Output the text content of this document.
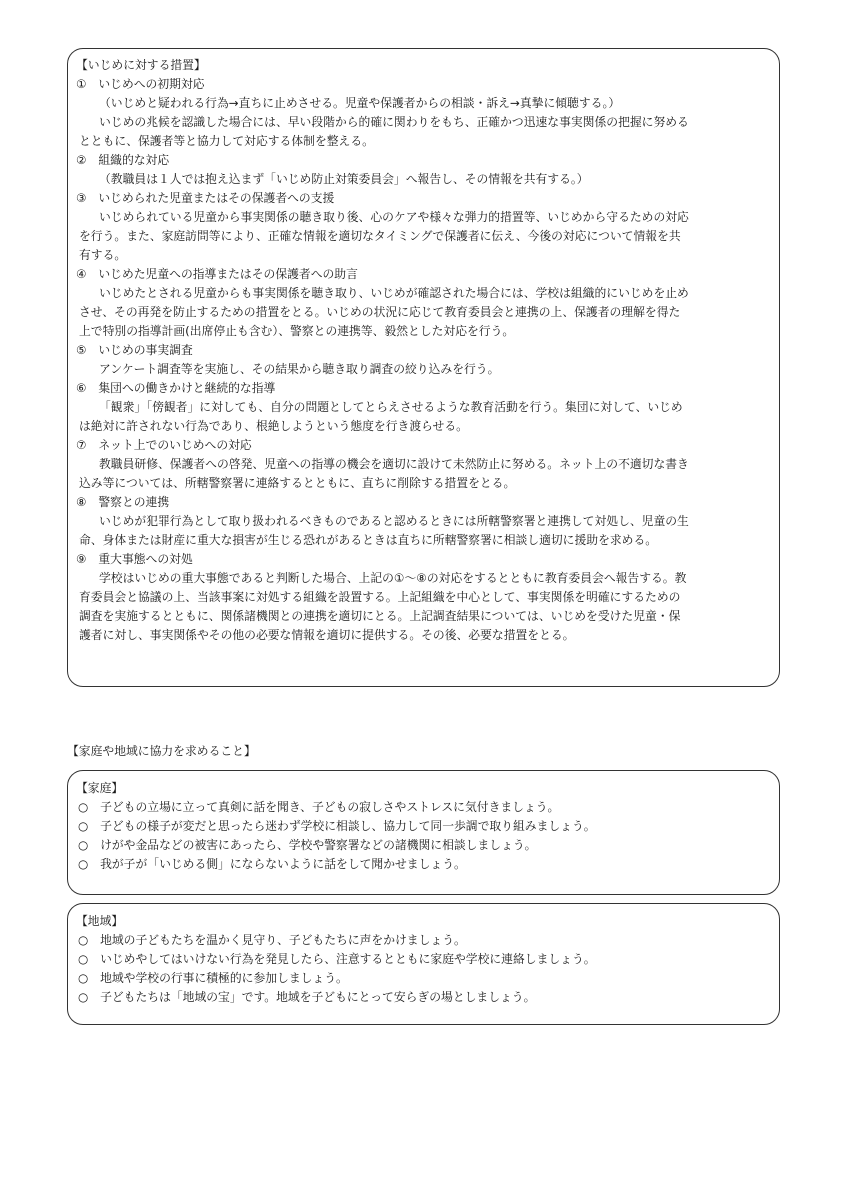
【いじめに対する措置】
①　いじめへの初期対応
（いじめと疑われる行為→直ちに止めさせる。児童や保護者からの相談・訴え→真摯に傾聴する。）
いじめの兆候を認識した場合には、早い段階から的確に関わりをもち、正確かつ迅速な事実関係の把握に努める
とともに、保護者等と協力して対応する体制を整える。
②　組織的な対応
（教職員は１人では抱え込まず「いじめ防止対策委員会」へ報告し、その情報を共有する。）
③　いじめられた児童またはその保護者への支援
いじめられている児童から事実関係の聴き取り後、心のケアや様々な弾力的措置等、いじめから守るための対応
を行う。また、家庭訪問等により、正確な情報を適切なタイミングで保護者に伝え、今後の対応について情報を共
有する。
④　いじめた児童への指導またはその保護者への助言
いじめたとされる児童からも事実関係を聴き取り、いじめが確認された場合には、学校は組織的にいじめを止め
させ、その再発を防止するための措置をとる。いじめの状況に応じて教育委員会と連携の上、保護者の理解を得た
上で特別の指導計画(出席停止も含む）、警察との連携等、毅然とした対応を行う。
⑤　いじめの事実調査
アンケート調査等を実施し、その結果から聴き取り調査の絞り込みを行う。
⑥　集団への働きかけと継続的な指導
「観衆」「傍観者」に対しても、自分の問題としてとらえさせるような教育活動を行う。集団に対して、いじめ
は絶対に許されない行為であり、根絶しようという態度を行き渡らせる。
⑦　ネット上でのいじめへの対応
教職員研修、保護者への啓発、児童への指導の機会を適切に設けて未然防止に努める。ネット上の不適切な書き
込み等については、所轄警察署に連絡するとともに、直ちに削除する措置をとる。
⑧　警察との連携
いじめが犯罪行為として取り扱われるべきものであると認めるときには所轄警察署と連携して対処し、児童の生
命、身体または財産に重大な損害が生じる恐れがあるときは直ちに所轄警察署に相談し適切に援助を求める。
⑨　重大事態への対処
学校はいじめの重大事態であると判断した場合、上記の①～⑧の対応をするとともに教育委員会へ報告する。教
育委員会と協議の上、当該事案に対処する組織を設置する。上記組織を中心として、事実関係を明確にするための
調査を実施するとともに、関係諸機関との連携を適切にとる。上記調査結果については、いじめを受けた児童・保
護者に対し、事実関係やその他の必要な情報を適切に提供する。その後、必要な措置をとる。
【家庭や地域に協力を求めること】
【家庭】
○　子どもの立場に立って真剣に話を聞き、子どもの寂しさやストレスに気付きましょう。
○　子どもの様子が変だと思ったら迷わず学校に相談し、協力して同一歩調で取り組みましょう。
○　けがや金品などの被害にあったら、学校や警察署などの諸機関に相談しましょう。
○　我が子が「いじめる側」にならないように話をして聞かせましょう。
【地域】
○　地域の子どもたちを温かく見守り、子どもたちに声をかけましょう。
○　いじめやしてはいけない行為を発見したら、注意するとともに家庭や学校に連絡しましょう。
○　地域や学校の行事に積極的に参加しましょう。
○　子どもたちは「地域の宝」です。地域を子どもにとって安らぎの場としましょう。
